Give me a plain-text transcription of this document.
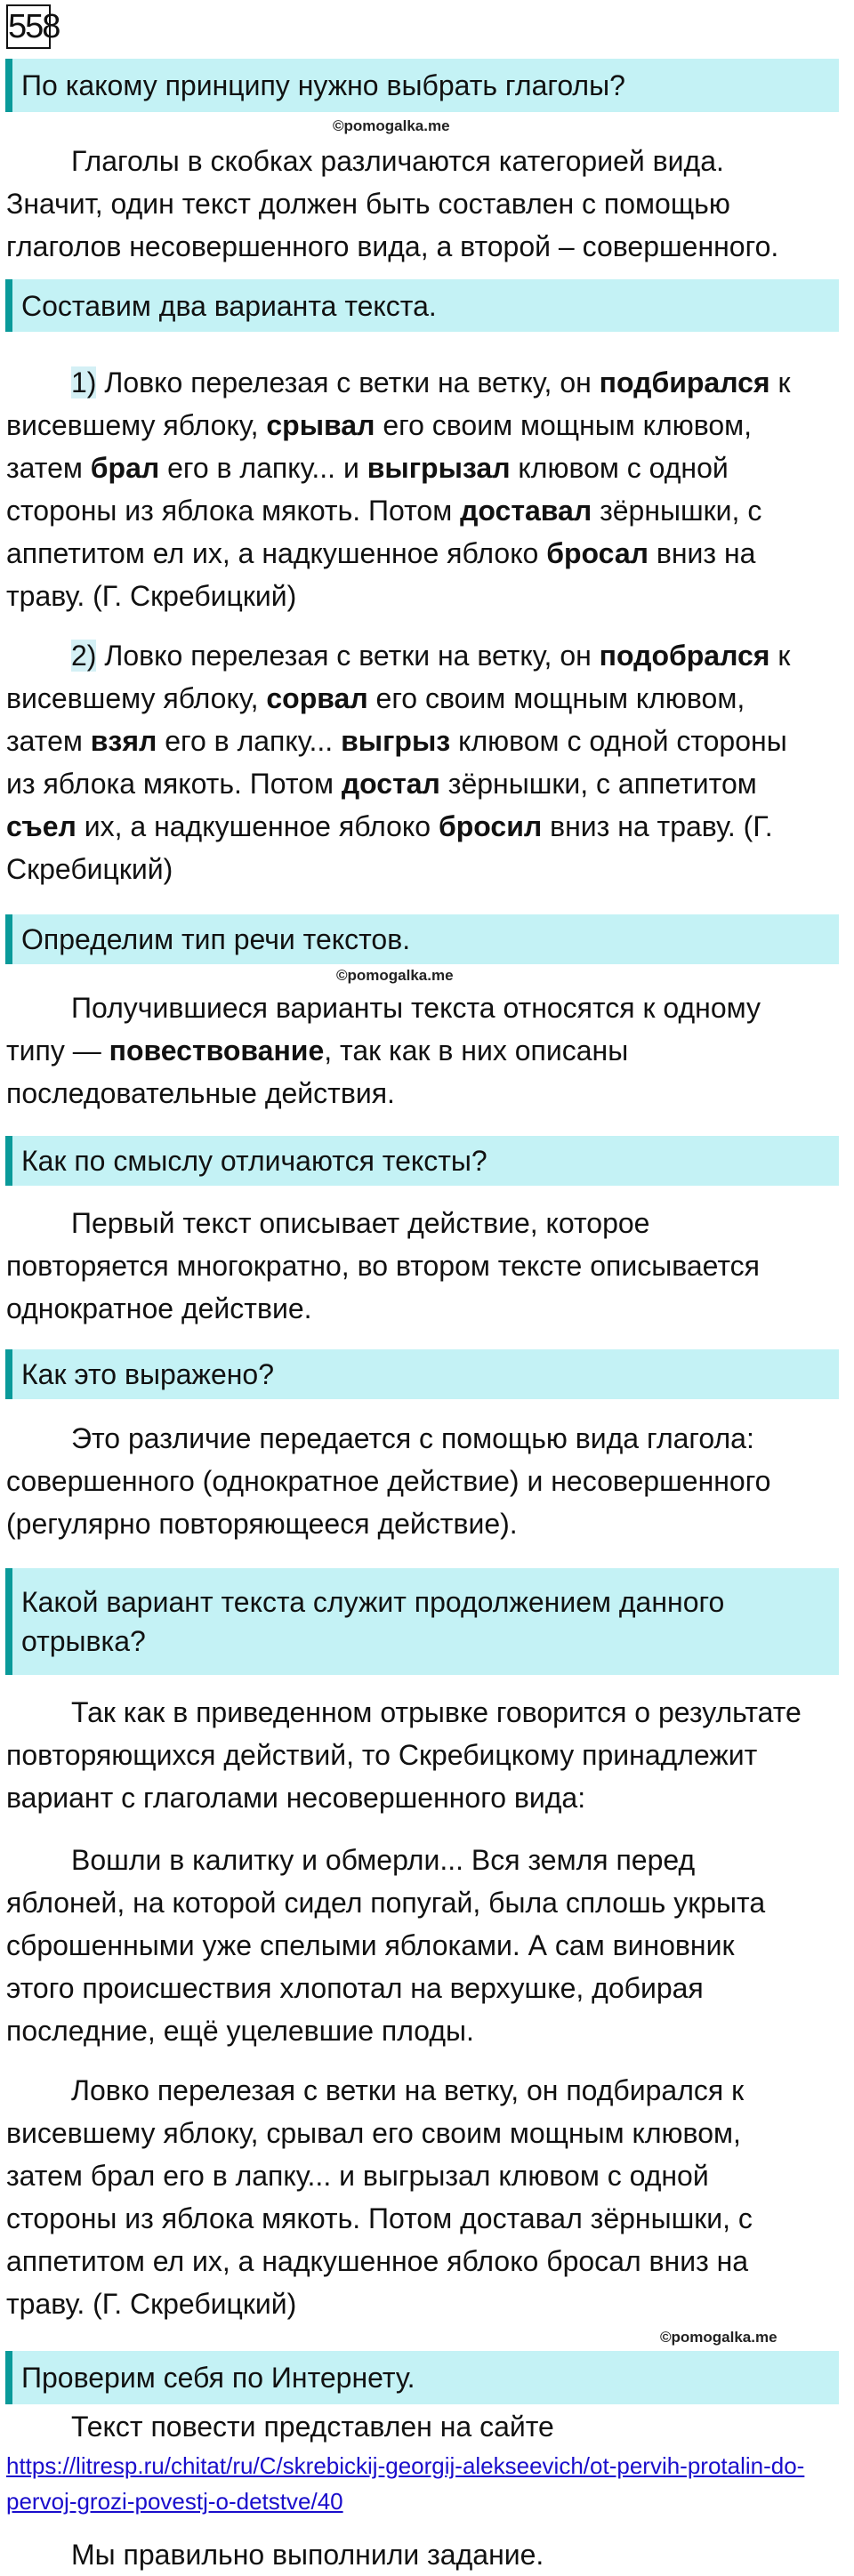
558
По какому принципу нужно выбрать глаголы?
Глаголы в скобках различаются категорией вида.
Значит, один текст должен быть составлен с помощью
глаголов несовершенного вида, а второй – совершенного.
Составим два варианта текста.
1) Ловко перелезая с ветки на ветку, он подбирался к
висевшему яблоку, срывал его своим мощным клювом,
затем брал его в лапку... и выгрызал клювом с одной
стороны из яблока мякоть. Потом доставал зёрнышки, с
аппетитом ел их, а надкушенное яблоко бросал вниз на
траву. (Г. Скребицкий)
2) Ловко перелезая с ветки на ветку, он подобрался к
висевшему яблоку, сорвал его своим мощным клювом,
затем взял его в лапку... выгрыз клювом с одной стороны
из яблока мякоть. Потом достал зёрнышки, с аппетитом
съел их, а надкушенное яблоко бросил вниз на траву. (Г.
Скребицкий)
Определим тип речи текстов.
Получившиеся варианты текста относятся к одному
типу — повествование, так как в них описаны
последовательные действия.
Как по смыслу отличаются тексты?
Первый текст описывает действие, которое
повторяется многократно, во втором тексте описывается
однократное действие.
Как это выражено?
Это различие передается с помощью вида глагола:
совершенного (однократное действие) и несовершенного
(регулярно повторяющееся действие).
Какой вариант текста служит продолжением данного
отрывка?
Так как в приведенном отрывке говорится о результате
повторяющихся действий, то Скребицкому принадлежит
вариант с глаголами несовершенного вида:
Вошли в калитку и обмерли... Вся земля перед
яблоней, на которой сидел попугай, была сплошь укрыта
сброшенными уже спелыми яблоками. А сам виновник
этого происшествия хлопотал на верхушке, добирая
последние, ещё уцелевшие плоды.
Ловко перелезая с ветки на ветку, он подбирался к
висевшему яблоку, срывал его своим мощным клювом,
затем брал его в лапку... и выгрызал клювом с одной
стороны из яблока мякоть. Потом доставал зёрнышки, с
аппетитом ел их, а надкушенное яблоко бросал вниз на
траву. (Г. Скребицкий)
Проверим себя по Интернету.
Текст повести представлен на сайте
Мы правильно выполнили задание.
©pomogalka.me
©pomogalka.me
©pomogalka.me
https://litresp.ru/chitat/ru/C/skrebickij-georgij-alekseevich/ot-pervih-protalin-do-
pervoj-grozi-povestj-o-detstve/40
